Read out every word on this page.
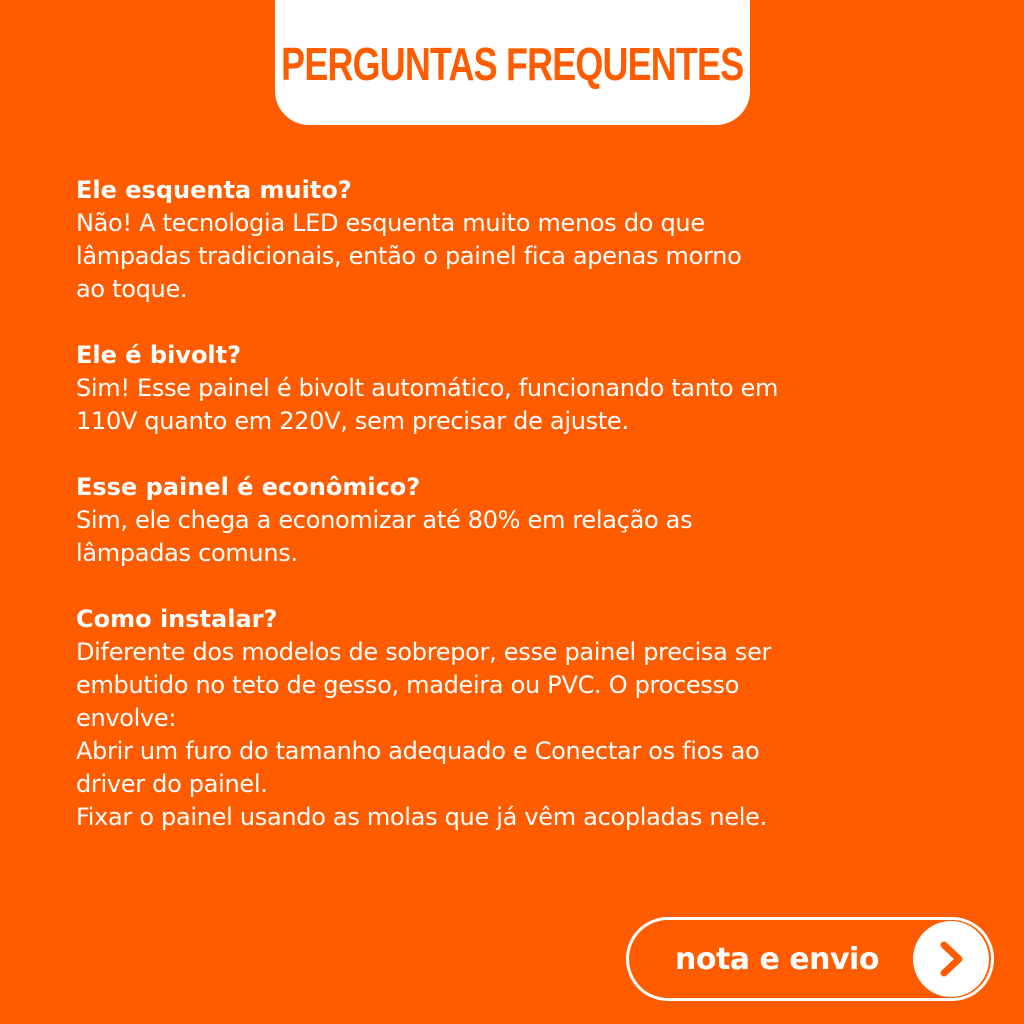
PERGUNTAS FREQUENTES
Ele esquenta muito?
Não! A tecnologia LED esquenta muito menos do que
lâmpadas tradicionais, então o painel fica apenas morno
ao toque.
Ele é bivolt?
Sim! Esse painel é bivolt automático, funcionando tanto em
110V quanto em 220V, sem precisar de ajuste.
Esse painel é econômico?
Sim, ele chega a economizar até 80% em relação as
lâmpadas comuns.
Como instalar?
Diferente dos modelos de sobrepor, esse painel precisa ser
embutido no teto de gesso, madeira ou PVC. O processo
envolve:
Abrir um furo do tamanho adequado e Conectar os fios ao
driver do painel.
Fixar o painel usando as molas que já vêm acopladas nele.
nota e envio
